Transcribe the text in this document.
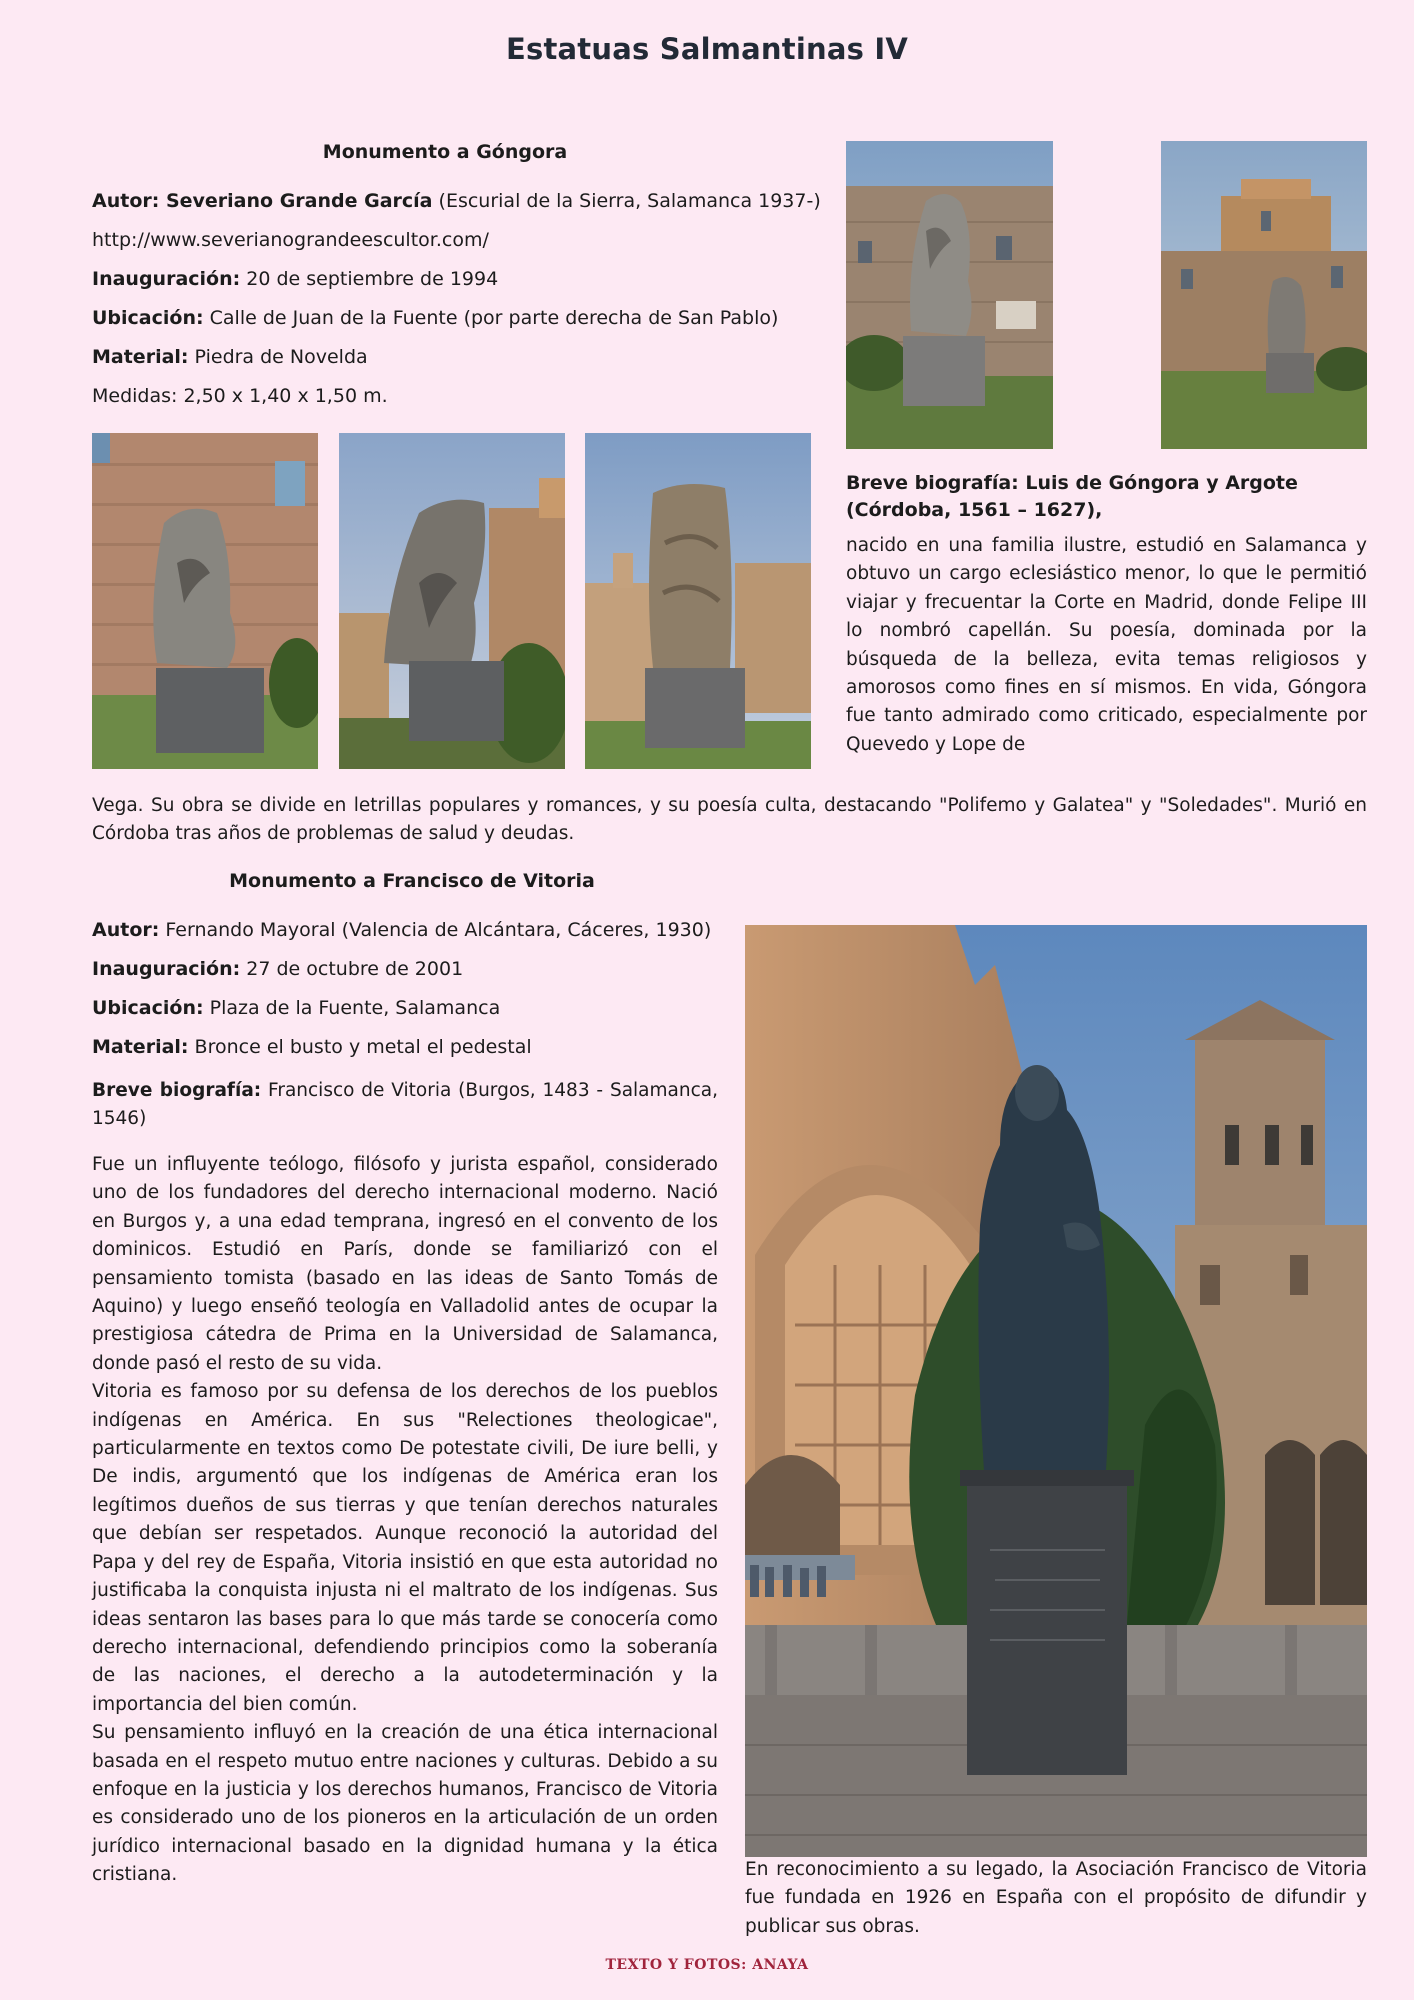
Estatuas Salmantinas IV
Monumento a Góngora
Autor: Severiano Grande García (Escurial de la Sierra, Salamanca 1937-)
http://www.severianograndeescultor.com/
Inauguración: 20 de septiembre de 1994
Ubicación: Calle de Juan de la Fuente (por parte derecha de San Pablo)
Material: Piedra de Novelda
Medidas: 2,50 x 1,40 x 1,50 m.
Breve biografía: Luis de Góngora y Argote
(Córdoba, 1561 – 1627),
nacido en una familia ilustre, estudió en Salamanca y obtuvo un cargo eclesiástico menor, lo que le permitió viajar y frecuentar la Corte en Madrid, donde Felipe III lo nombró capellán. Su poesía, dominada por la búsqueda de la belleza, evita temas religiosos y amorosos como fines en sí mismos. En vida, Góngora fue tanto admirado como criticado, especialmente por Quevedo y Lope de
Vega. Su obra se divide en letrillas populares y romances, y su poesía culta, destacando "Polifemo y Galatea" y "Soledades". Murió en Córdoba tras años de problemas de salud y deudas.
Monumento a Francisco de Vitoria
Autor: Fernando Mayoral (Valencia de Alcántara, Cáceres, 1930)
Inauguración: 27 de octubre de 2001
Ubicación: Plaza de la Fuente, Salamanca
Material: Bronce el busto y metal el pedestal
Breve biografía: Francisco de Vitoria (Burgos, 1483 - Salamanca, 1546)
Fue un influyente teólogo, filósofo y jurista español, considerado uno de los fundadores del derecho internacional moderno. Nació en Burgos y, a una edad temprana, ingresó en el convento de los dominicos. Estudió en París, donde se familiarizó con el pensamiento tomista (basado en las ideas de Santo Tomás de Aquino) y luego enseñó teología en Valladolid antes de ocupar la prestigiosa cátedra de Prima en la Universidad de Salamanca, donde pasó el resto de su vida.
Vitoria es famoso por su defensa de los derechos de los pueblos indígenas en América. En sus "Relectiones theologicae", particularmente en textos como De potestate civili, De iure belli, y De indis, argumentó que los indígenas de América eran los legítimos dueños de sus tierras y que tenían derechos naturales que debían ser respetados. Aunque reconoció la autoridad del Papa y del rey de España, Vitoria insistió en que esta autoridad no justificaba la conquista injusta ni el maltrato de los indígenas. Sus ideas sentaron las bases para lo que más tarde se conocería como derecho internacional, defendiendo principios como la soberanía de las naciones, el derecho a la autodeterminación y la importancia del bien común.
Su pensamiento influyó en la creación de una ética internacional basada en el respeto mutuo entre naciones y culturas. Debido a su enfoque en la justicia y los derechos humanos, Francisco de Vitoria es considerado uno de los pioneros en la articulación de un orden jurídico internacional basado en la dignidad humana y la ética cristiana.	En reconocimiento a su legado, la Asociación Francisco de Vitoria fue fundada en 1926 en España con el propósito de difundir y publicar sus obras.
TEXTO Y FOTOS: ANAYA
